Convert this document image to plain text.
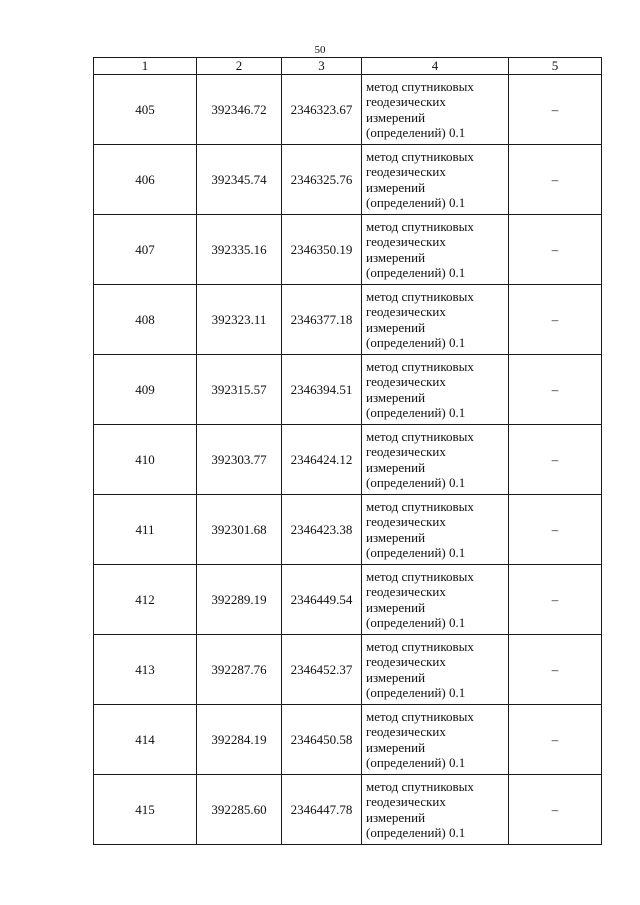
50
1	2	3	4	5
405	392346.72	2346323.67	метод спутниковых
геодезических
измерений
(определений) 0.1	–
406	392345.74	2346325.76	метод спутниковых
геодезических
измерений
(определений) 0.1	–
407	392335.16	2346350.19	метод спутниковых
геодезических
измерений
(определений) 0.1	–
408	392323.11	2346377.18	метод спутниковых
геодезических
измерений
(определений) 0.1	–
409	392315.57	2346394.51	метод спутниковых
геодезических
измерений
(определений) 0.1	–
410	392303.77	2346424.12	метод спутниковых
геодезических
измерений
(определений) 0.1	–
411	392301.68	2346423.38	метод спутниковых
геодезических
измерений
(определений) 0.1	–
412	392289.19	2346449.54	метод спутниковых
геодезических
измерений
(определений) 0.1	–
413	392287.76	2346452.37	метод спутниковых
геодезических
измерений
(определений) 0.1	–
414	392284.19	2346450.58	метод спутниковых
геодезических
измерений
(определений) 0.1	–
415	392285.60	2346447.78	метод спутниковых
геодезических
измерений
(определений) 0.1	–
